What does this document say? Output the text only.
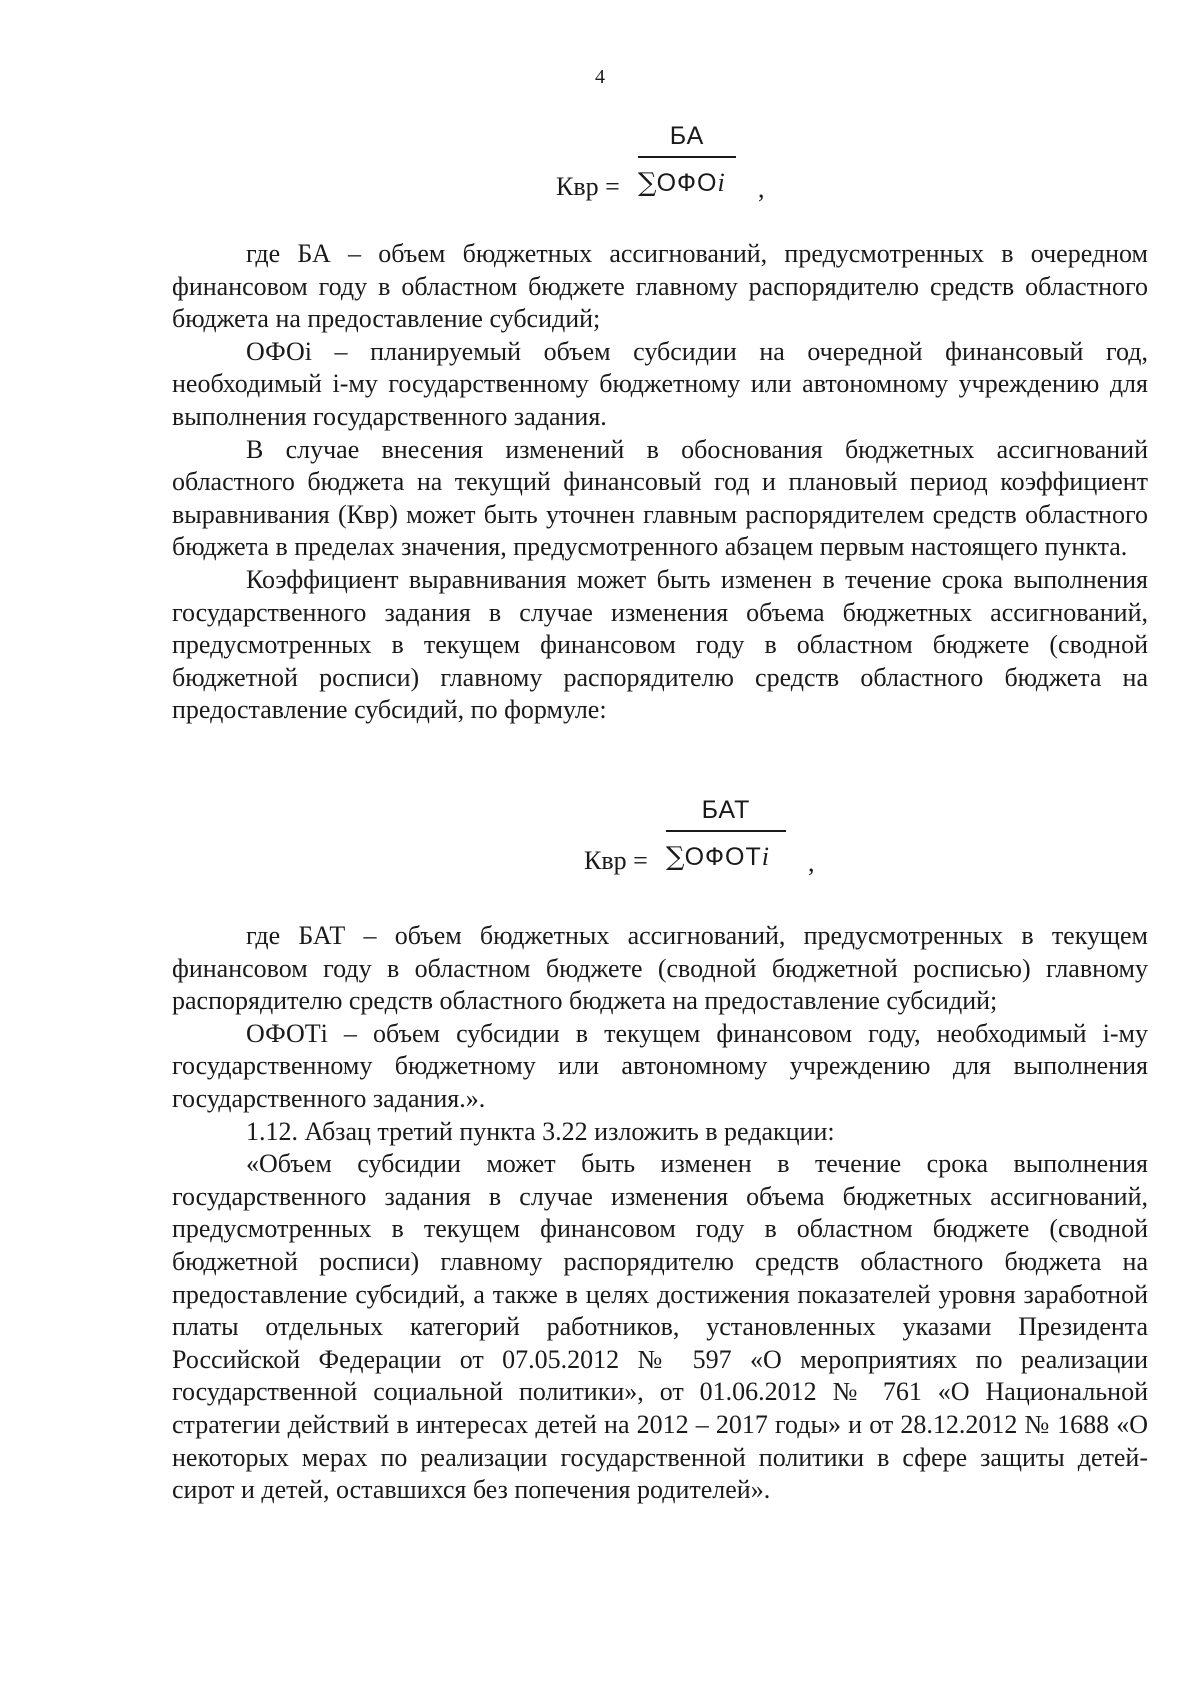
4
Квр =
БА
∑ОФОi ,

где БА – объем бюджетных ассигнований, предусмотренных в очередном финансовом году в областном бюджете главному распорядителю средств областного бюджета на предоставление субсидий;

ОФОi – планируемый объем субсидии на очередной финансовый год, необходимый i-му государственному бюджетному или автономному учреждению для выполнения государственного задания.

В случае внесения изменений в обоснования бюджетных ассигнований областного бюджета на текущий финансовый год и плановый период коэффициент выравнивания (Квр) может быть уточнен главным распорядителем средств областного бюджета в пределах значения, предусмотренного абзацем первым настоящего пункта.

Коэффициент выравнивания может быть изменен в течение срока выполнения государственного задания в случае изменения объема бюджетных ассигнований, предусмотренных в текущем финансовом году в областном бюджете (сводной бюджетной росписи) главному распорядителю средств областного бюджета на предоставление субсидий, по формуле:

Квр =
БАТ
∑ОФОТi ,

где БАТ – объем бюджетных ассигнований, предусмотренных в текущем финансовом году в областном бюджете (сводной бюджетной росписью) главному распорядителю средств областного бюджета на предоставление субсидий;

ОФОТi – объем субсидии в текущем финансовом году, необходимый i-му государственному бюджетному или автономному учреждению для выполнения государственного задания.».

1.12. Абзац третий пункта 3.22 изложить в редакции:

«Объем субсидии может быть изменен в течение срока выполнения государственного задания в случае изменения объема бюджетных ассигнований, предусмотренных в текущем финансовом году в областном бюджете (сводной бюджетной росписи) главному распорядителю средств областного бюджета на предоставление субсидий, а также в целях достижения показателей уровня заработной платы отдельных категорий работников, установленных указами Президента Российской Федерации от 07.05.2012 № 597 «О мероприятиях по реализации государственной социальной политики», от 01.06.2012 № 761 «О Национальной стратегии действий в интересах детей на 2012 – 2017 годы» и от 28.12.2012 № 1688 «О некоторых мерах по реализации государственной политики в сфере защиты детей-сирот и детей, оставшихся без попечения родителей».
